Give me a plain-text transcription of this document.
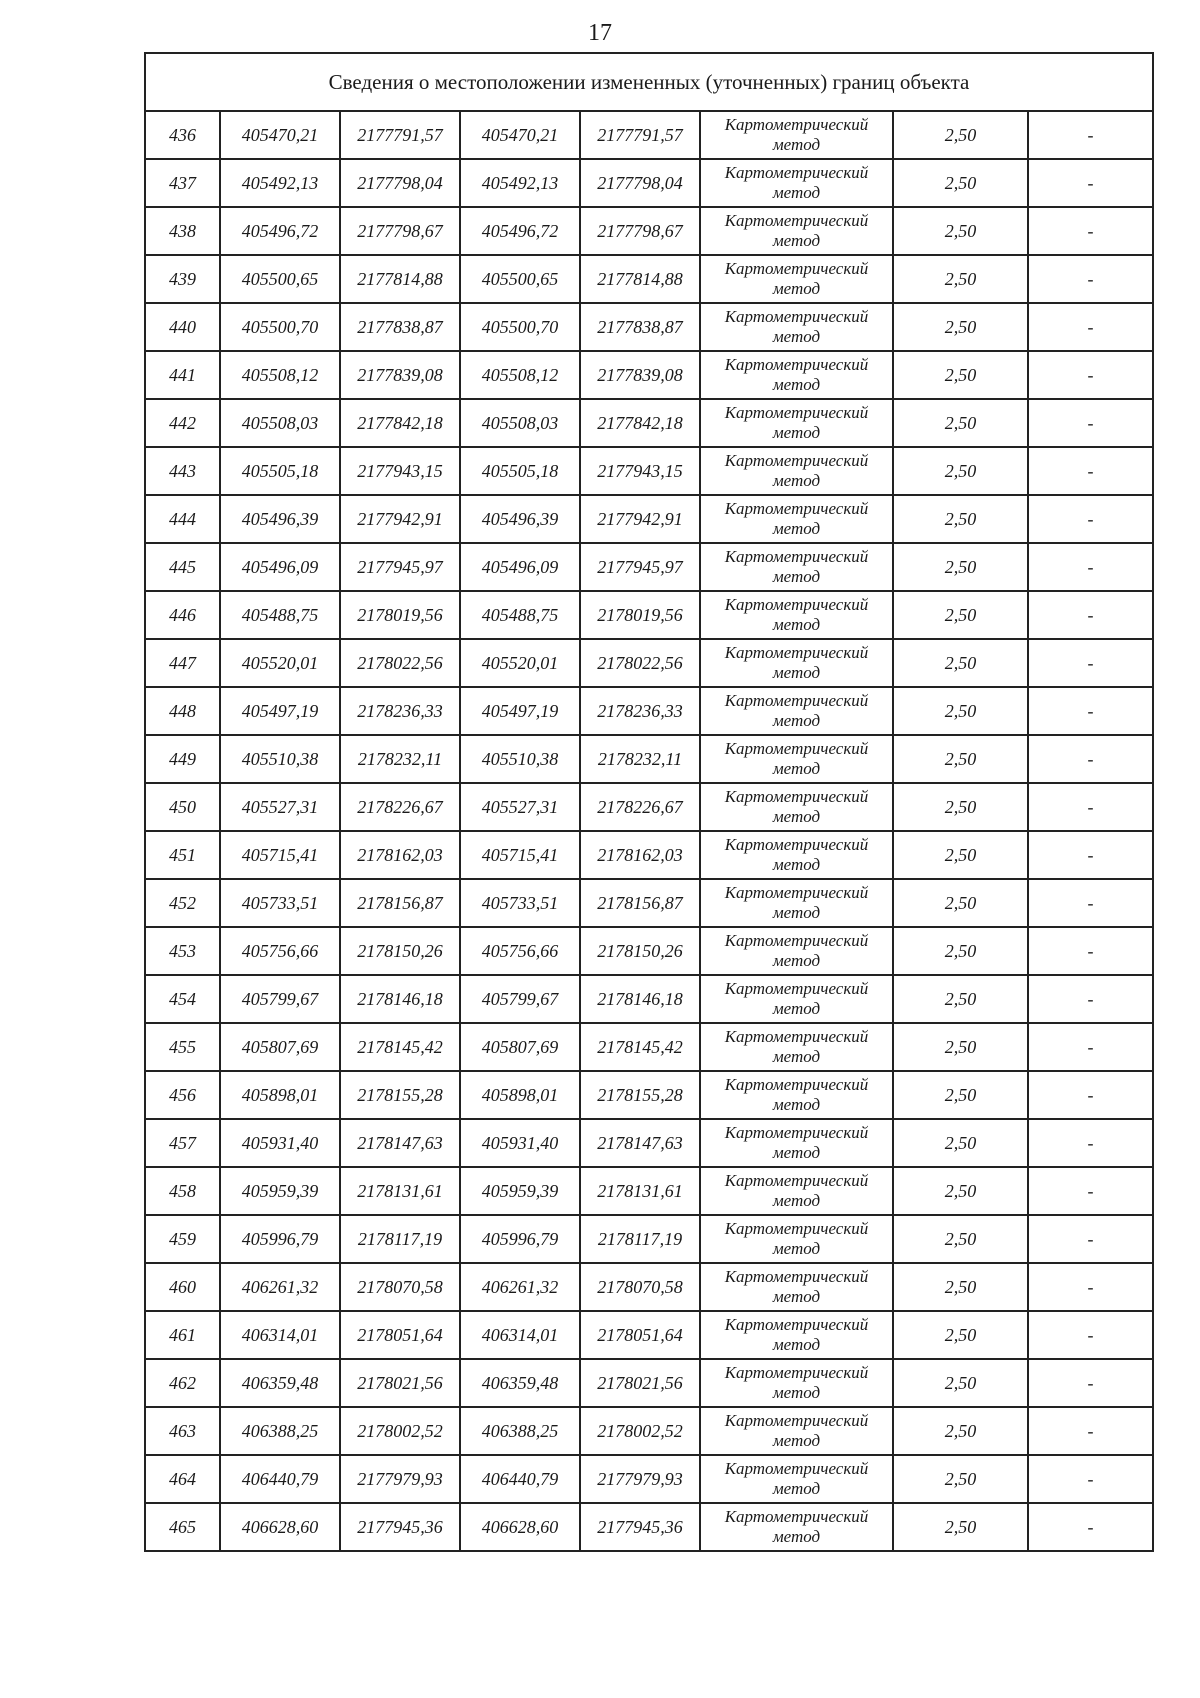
17
Сведения о местоположении измененных (уточненных) границ объекта							
436	405470,21	2177791,57	405470,21	2177791,57	Картометрический
метод	2,50	-
437	405492,13	2177798,04	405492,13	2177798,04	Картометрический
метод	2,50	-
438	405496,72	2177798,67	405496,72	2177798,67	Картометрический
метод	2,50	-
439	405500,65	2177814,88	405500,65	2177814,88	Картометрический
метод	2,50	-
440	405500,70	2177838,87	405500,70	2177838,87	Картометрический
метод	2,50	-
441	405508,12	2177839,08	405508,12	2177839,08	Картометрический
метод	2,50	-
442	405508,03	2177842,18	405508,03	2177842,18	Картометрический
метод	2,50	-
443	405505,18	2177943,15	405505,18	2177943,15	Картометрический
метод	2,50	-
444	405496,39	2177942,91	405496,39	2177942,91	Картометрический
метод	2,50	-
445	405496,09	2177945,97	405496,09	2177945,97	Картометрический
метод	2,50	-
446	405488,75	2178019,56	405488,75	2178019,56	Картометрический
метод	2,50	-
447	405520,01	2178022,56	405520,01	2178022,56	Картометрический
метод	2,50	-
448	405497,19	2178236,33	405497,19	2178236,33	Картометрический
метод	2,50	-
449	405510,38	2178232,11	405510,38	2178232,11	Картометрический
метод	2,50	-
450	405527,31	2178226,67	405527,31	2178226,67	Картометрический
метод	2,50	-
451	405715,41	2178162,03	405715,41	2178162,03	Картометрический
метод	2,50	-
452	405733,51	2178156,87	405733,51	2178156,87	Картометрический
метод	2,50	-
453	405756,66	2178150,26	405756,66	2178150,26	Картометрический
метод	2,50	-
454	405799,67	2178146,18	405799,67	2178146,18	Картометрический
метод	2,50	-
455	405807,69	2178145,42	405807,69	2178145,42	Картометрический
метод	2,50	-
456	405898,01	2178155,28	405898,01	2178155,28	Картометрический
метод	2,50	-
457	405931,40	2178147,63	405931,40	2178147,63	Картометрический
метод	2,50	-
458	405959,39	2178131,61	405959,39	2178131,61	Картометрический
метод	2,50	-
459	405996,79	2178117,19	405996,79	2178117,19	Картометрический
метод	2,50	-
460	406261,32	2178070,58	406261,32	2178070,58	Картометрический
метод	2,50	-
461	406314,01	2178051,64	406314,01	2178051,64	Картометрический
метод	2,50	-
462	406359,48	2178021,56	406359,48	2178021,56	Картометрический
метод	2,50	-
463	406388,25	2178002,52	406388,25	2178002,52	Картометрический
метод	2,50	-
464	406440,79	2177979,93	406440,79	2177979,93	Картометрический
метод	2,50	-
465	406628,60	2177945,36	406628,60	2177945,36	Картометрический
метод	2,50	-
